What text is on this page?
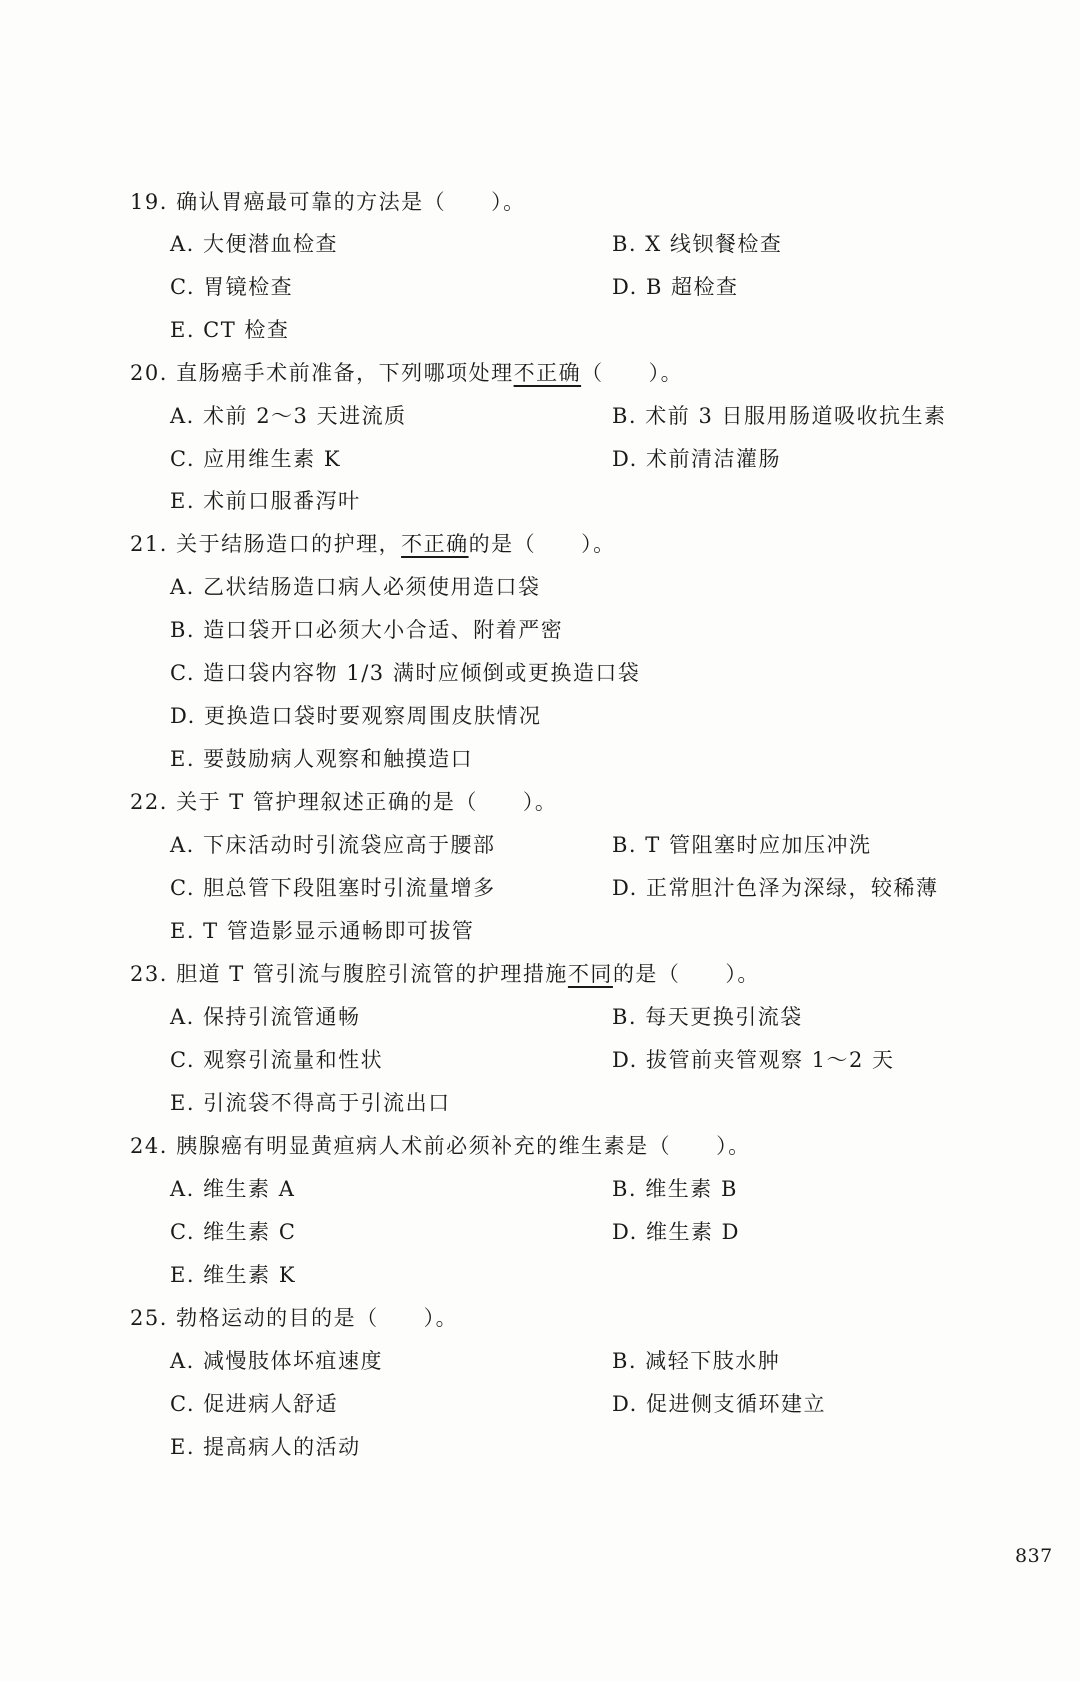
19. 确认胃癌最可靠的方法是（　　）。
A. 大便潜血检查	B. X 线钡餐检查
C. 胃镜检查	D. B 超检查
E. CT 检查
20. 直肠癌手术前准备，下列哪项处理不正确（　　）。
A. 术前 2～3 天进流质	B. 术前 3 日服用肠道吸收抗生素
C. 应用维生素 K	D. 术前清洁灌肠
E. 术前口服番泻叶
21. 关于结肠造口的护理，不正确的是（　　）。
A. 乙状结肠造口病人必须使用造口袋
B. 造口袋开口必须大小合适、附着严密
C. 造口袋内容物 1/3 满时应倾倒或更换造口袋
D. 更换造口袋时要观察周围皮肤情况
E. 要鼓励病人观察和触摸造口
22. 关于 T 管护理叙述正确的是（　　）。
A. 下床活动时引流袋应高于腰部	B. T 管阻塞时应加压冲洗
C. 胆总管下段阻塞时引流量增多	D. 正常胆汁色泽为深绿，较稀薄
E. T 管造影显示通畅即可拔管
23. 胆道 T 管引流与腹腔引流管的护理措施不同的是（　　）。
A. 保持引流管通畅	B. 每天更换引流袋
C. 观察引流量和性状	D. 拔管前夹管观察 1～2 天
E. 引流袋不得高于引流出口
24. 胰腺癌有明显黄疸病人术前必须补充的维生素是（　　）。
A. 维生素 A	B. 维生素 B
C. 维生素 C	D. 维生素 D
E. 维生素 K
25. 勃格运动的目的是（　　）。
A. 减慢肢体坏疽速度	B. 减轻下肢水肿
C. 促进病人舒适	D. 促进侧支循环建立
E. 提高病人的活动
837
